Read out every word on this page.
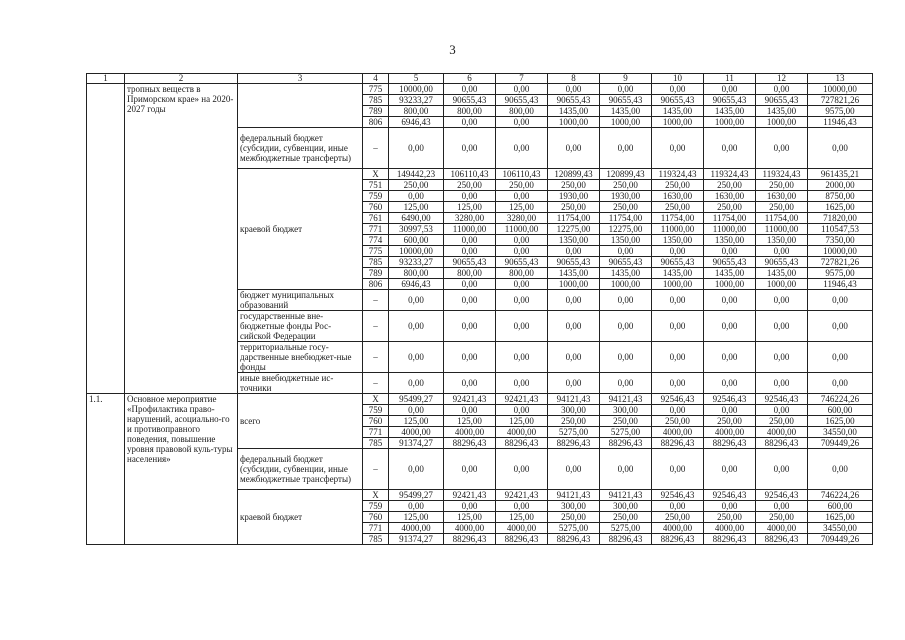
3
1	2	3	4	5	6	7	8	9	10	11	12	13
	тропных веществ в Приморском крае» на 2020-2027 годы		775	10000,00	0,00	0,00	0,00	0,00	0,00	0,00	0,00	10000,00
			785	93233,27	90655,43	90655,43	90655,43	90655,43	90655,43	90655,43	90655,43	727821,26
			789	800,00	800,00	800,00	1435,00	1435,00	1435,00	1435,00	1435,00	9575,00
			806	6946,43	0,00	0,00	1000,00	1000,00	1000,00	1000,00	1000,00	11946,43
		федеральный бюджет (субсидии, субвенции, иные межбюджетные трансферты)	–	0,00	0,00	0,00	0,00	0,00	0,00	0,00	0,00	0,00
		краевой бюджет	Х	149442,23	106110,43	106110,43	120899,43	120899,43	119324,43	119324,43	119324,43	961435,21
			751	250,00	250,00	250,00	250,00	250,00	250,00	250,00	250,00	2000,00
			759	0,00	0,00	0,00	1930,00	1930,00	1630,00	1630,00	1630,00	8750,00
			760	125,00	125,00	125,00	250,00	250,00	250,00	250,00	250,00	1625,00
			761	6490,00	3280,00	3280,00	11754,00	11754,00	11754,00	11754,00	11754,00	71820,00
			771	30997,53	11000,00	11000,00	12275,00	12275,00	11000,00	11000,00	11000,00	110547,53
			774	600,00	0,00	0,00	1350,00	1350,00	1350,00	1350,00	1350,00	7350,00
			775	10000,00	0,00	0,00	0,00	0,00	0,00	0,00	0,00	10000,00
			785	93233,27	90655,43	90655,43	90655,43	90655,43	90655,43	90655,43	90655,43	727821,26
			789	800,00	800,00	800,00	1435,00	1435,00	1435,00	1435,00	1435,00	9575,00
			806	6946,43	0,00	0,00	1000,00	1000,00	1000,00	1000,00	1000,00	11946,43
		бюджет муниципальных образований	–	0,00	0,00	0,00	0,00	0,00	0,00	0,00	0,00	0,00
		государственные вне-бюджетные фонды Рос-сийской Федерации	–	0,00	0,00	0,00	0,00	0,00	0,00	0,00	0,00	0,00
		территориальные госу-дарственные внебюджет-ные фонды	–	0,00	0,00	0,00	0,00	0,00	0,00	0,00	0,00	0,00
		иные внебюджетные ис-точники	–	0,00	0,00	0,00	0,00	0,00	0,00	0,00	0,00	0,00
1.1.	Основное мероприятие «Профилактика право-нарушений, асоциально-го и противоправного поведения, повышение уровня правовой куль-туры населения»	всего	Х	95499,27	92421,43	92421,43	94121,43	94121,43	92546,43	92546,43	92546,43	746224,26
			759	0,00	0,00	0,00	300,00	300,00	0,00	0,00	0,00	600,00
			760	125,00	125,00	125,00	250,00	250,00	250,00	250,00	250,00	1625,00
			771	4000,00	4000,00	4000,00	5275,00	5275,00	4000,00	4000,00	4000,00	34550,00
			785	91374,27	88296,43	88296,43	88296,43	88296,43	88296,43	88296,43	88296,43	709449,26
		федеральный бюджет (субсидии, субвенции, иные межбюджетные трансферты)	–	0,00	0,00	0,00	0,00	0,00	0,00	0,00	0,00	0,00
		краевой бюджет	Х	95499,27	92421,43	92421,43	94121,43	94121,43	92546,43	92546,43	92546,43	746224,26
			759	0,00	0,00	0,00	300,00	300,00	0,00	0,00	0,00	600,00
			760	125,00	125,00	125,00	250,00	250,00	250,00	250,00	250,00	1625,00
			771	4000,00	4000,00	4000,00	5275,00	5275,00	4000,00	4000,00	4000,00	34550,00
			785	91374,27	88296,43	88296,43	88296,43	88296,43	88296,43	88296,43	88296,43	709449,26
